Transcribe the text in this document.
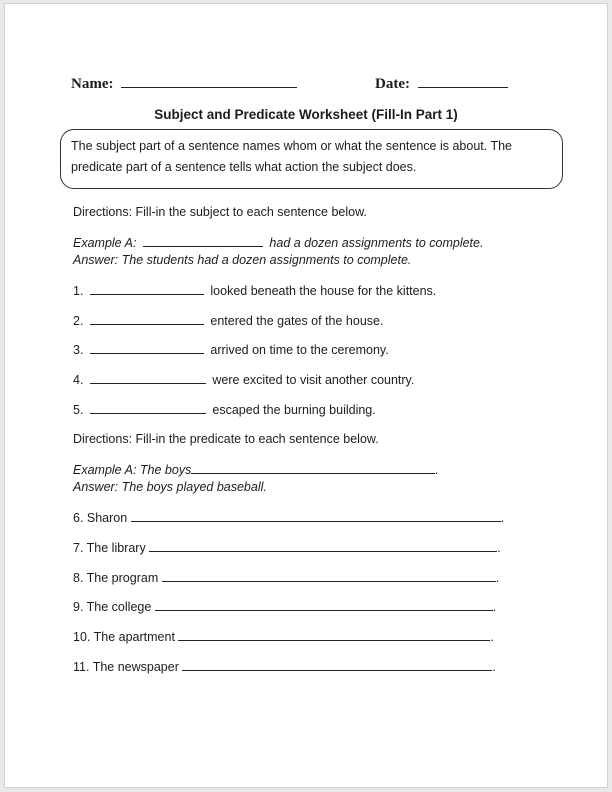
Name:	Date:
Subject and Predicate Worksheet (Fill-In Part 1)

The subject part of a sentence names whom or what the sentence is about. The

predicate part of a sentence tells what action the subject does.

Directions: Fill-in the subject to each sentence below.
Example A:	had a dozen assignments to complete.
Answer: The students had a dozen assignments to complete.
1.	looked beneath the house for the kittens.
2.	entered the gates of the house.
3.	arrived on time to the ceremony.
4.	were excited to visit another country.
5.	escaped the burning building.
Directions: Fill-in the predicate to each sentence below.
Example A: The boys	.
Answer: The boys played baseball.
6. Sharon	.
7. The library	.
8. The program	.
9. The college	.
10. The apartment	.
11. The newspaper	.
